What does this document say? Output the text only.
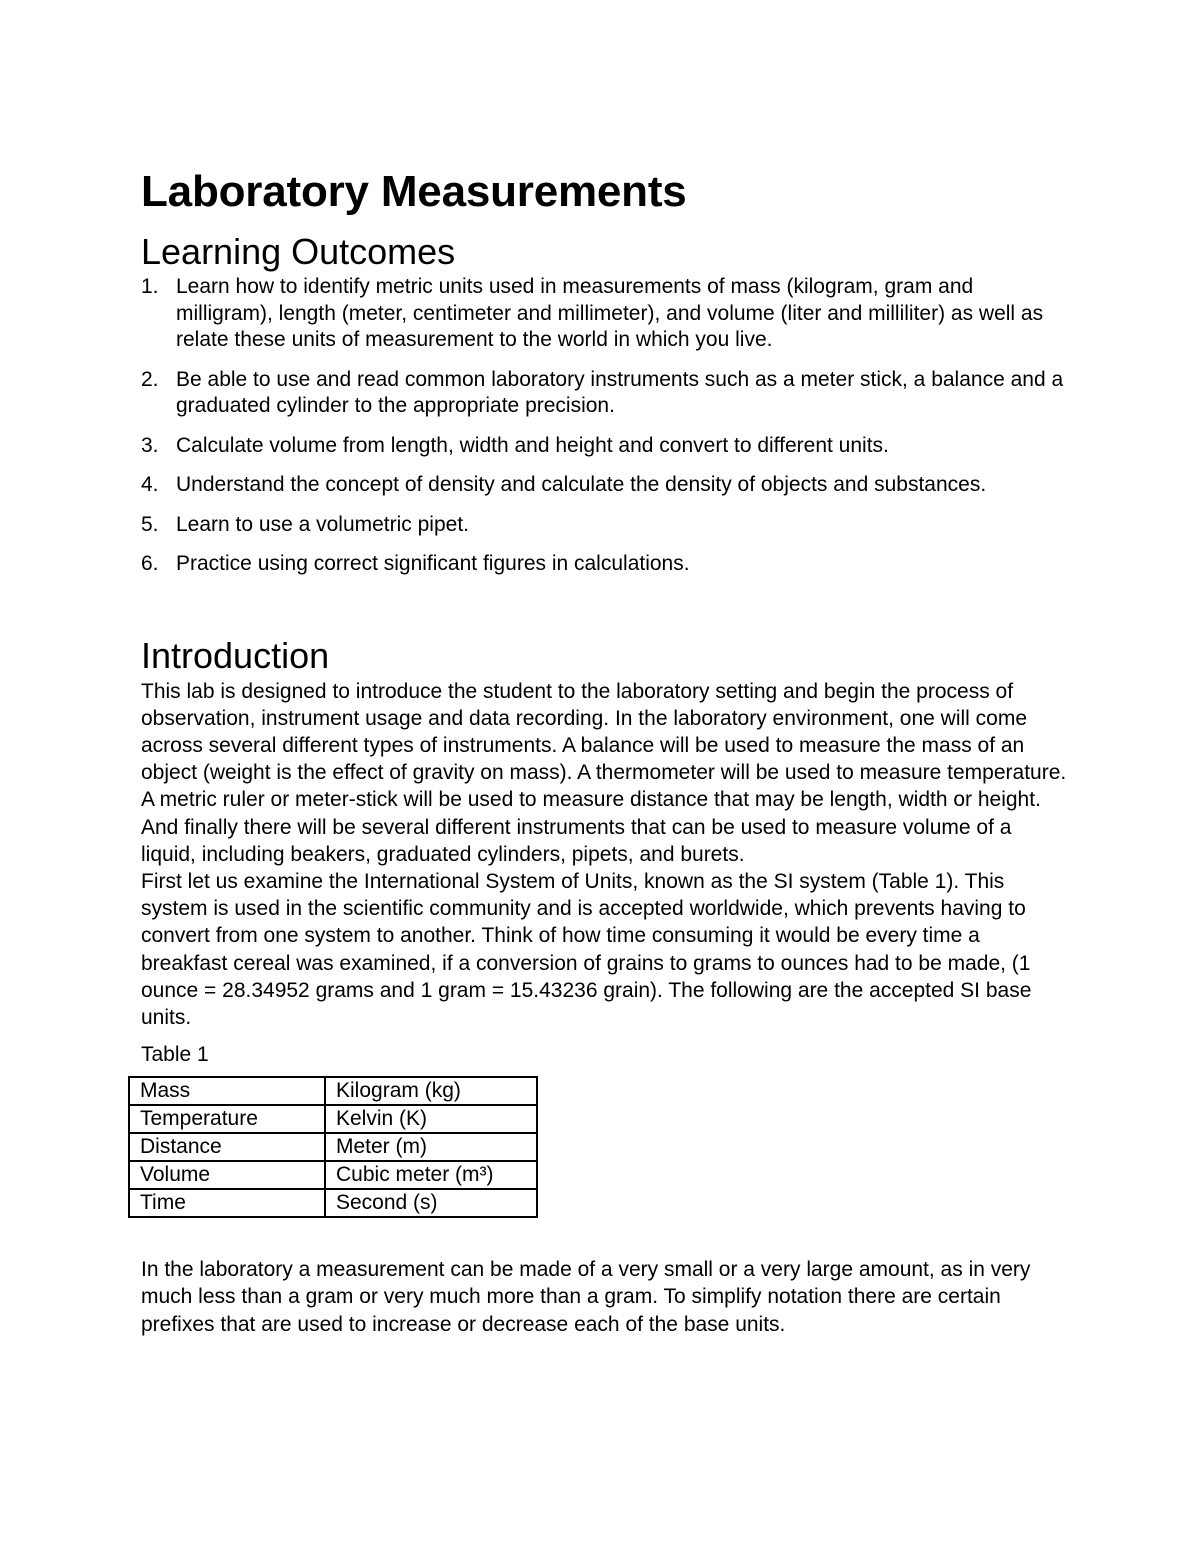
Laboratory Measurements
Learning Outcomes
1. Learn how to identify metric units used in measurements of mass (kilogram, gram and milligram), length (meter, centimeter and millimeter), and volume (liter and milliliter) as well as relate these units of measurement to the world in which you live.
2. Be able to use and read common laboratory instruments such as a meter stick, a balance and a graduated cylinder to the appropriate precision.
3. Calculate volume from length, width and height and convert to different units.
4. Understand the concept of density and calculate the density of objects and substances.
5. Learn to use a volumetric pipet.
6. Practice using correct significant figures in calculations.
Introduction

This lab is designed to introduce the student to the laboratory setting and begin the process of observation, instrument usage and data recording. In the laboratory environment, one will come across several different types of instruments. A balance will be used to measure the mass of an object (weight is the effect of gravity on mass). A thermometer will be used to measure temperature. A metric ruler or meter-stick will be used to measure distance that may be length, width or height. And finally there will be several different instruments that can be used to measure volume of a liquid, including beakers, graduated cylinders, pipets, and burets.

First let us examine the International System of Units, known as the SI system (Table 1). This system is used in the scientific community and is accepted worldwide, which prevents having to convert from one system to another. Think of how time consuming it would be every time a breakfast cereal was examined, if a conversion of grains to grams to ounces had to be made, (1 ounce = 28.34952 grams and 1 gram = 15.43236 grain). The following are the accepted SI base units.

Table 1
Mass	Kilogram (kg)
Temperature	Kelvin (K)
Distance	Meter (m)
Volume	Cubic meter (m³)
Time	Second (s)

In the laboratory a measurement can be made of a very small or a very large amount, as in very much less than a gram or very much more than a gram. To simplify notation there are certain prefixes that are used to increase or decrease each of the base units.
